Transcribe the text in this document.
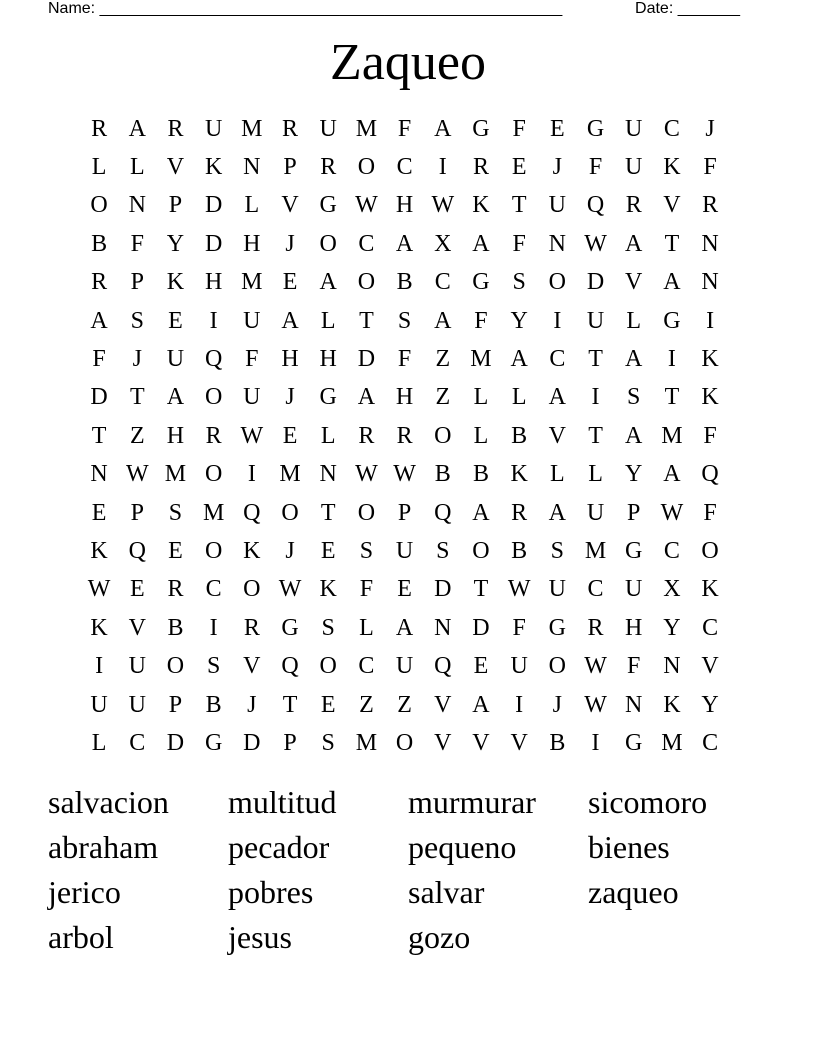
Name: ____________________________________________________	Date: _______
Zaqueo
R A R U M R U M F A G F	E G U C	J
L L V K N P R O C	I	R E	J	F U K F
O N P D L V G W H W K T U Q R V R
B F Y D H	J	O C A X A F N W A T N
R P K H M E A O B C G S O D V A N
A S	E	I	U A L T	S A F Y	I	U L G	I
F	J	U Q F H H D F	Z M A C T A	I	K
D T A O U	J	G A H Z L L A	I	S	T K
T Z H R W E L R R O L B V T A M F
N W M O	I M N W W B B K L L Y A Q
E	P	S M Q O T O P Q A R A U P W F
K Q E O K	J	E	S U S O B S M G C O
W E R C O W K F	E D T W U C U X K
K V B	I	R G S	L A N D F G R H Y C
I	U O S V Q O C U Q E U O W F N V
U U P B	J	T E Z Z V A	I	J W N K Y
L C D G D P	S M O V V V B	I	G M C
salvacion	multitud	murmurar	sicomoro
abraham	pecador	pequeno	bienes
jerico	pobres	salvar	zaqueo
arbol	jesus	gozo
